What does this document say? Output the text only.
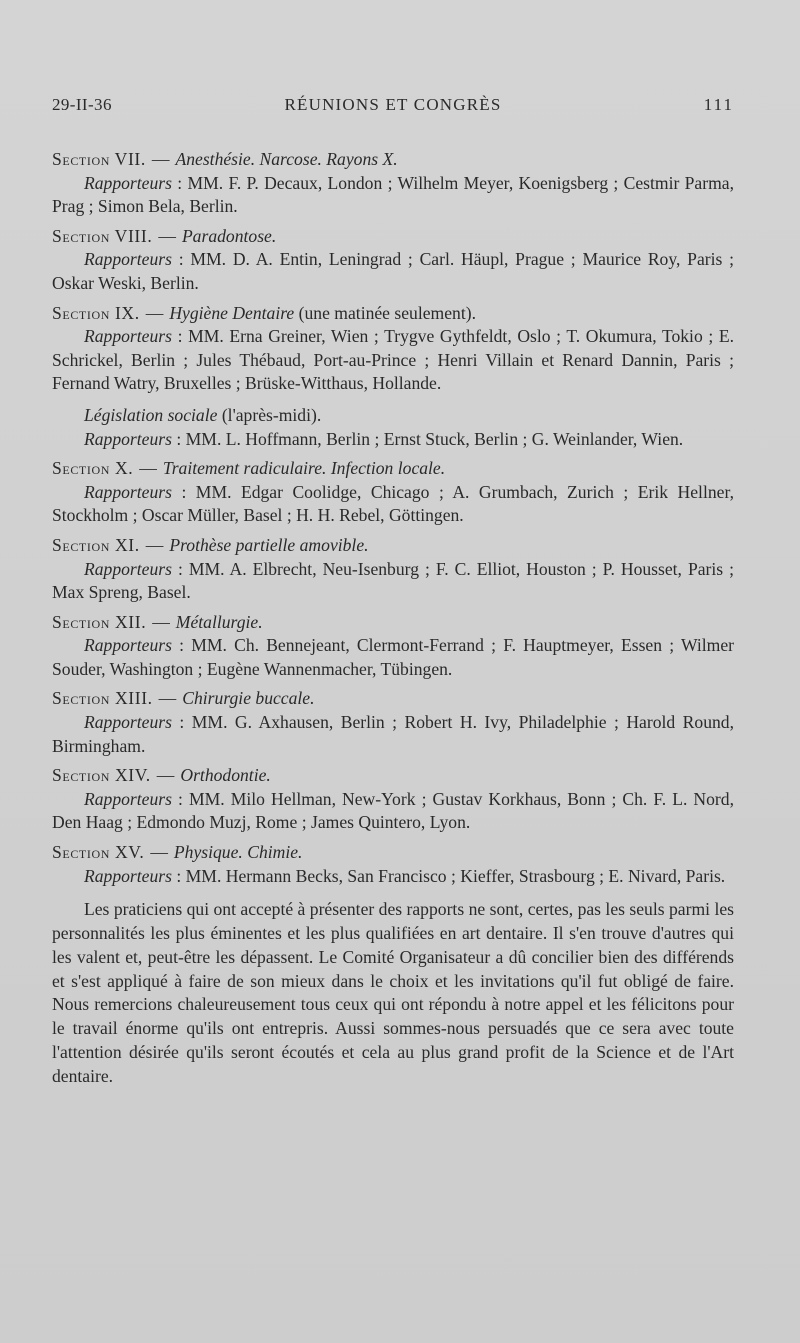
29-II-36	RÉUNIONS ET CONGRÈS	111
Section VII. — Anesthésie. Narcose. Rayons X.
Rapporteurs : MM. F. P. Decaux, London ; Wilhelm Meyer, Koenigsberg ; Cestmir Parma, Prag ; Simon Bela, Berlin.
Section VIII. — Paradontose.
Rapporteurs : MM. D. A. Entin, Leningrad ; Carl. Häupl, Prague ; Maurice Roy, Paris ; Oskar Weski, Berlin.
Section IX. — Hygiène Dentaire (une matinée seulement).
Rapporteurs : MM. Erna Greiner, Wien ; Trygve Gythfeldt, Oslo ; T. Okumura, Tokio ; E. Schrickel, Berlin ; Jules Thébaud, Port-au-Prince ; Henri Villain et Renard Dannin, Paris ; Fernand Watry, Bruxelles ; Brüske-Witthaus, Hollande.
Législation sociale (l'après-midi).
Rapporteurs : MM. L. Hoffmann, Berlin ; Ernst Stuck, Berlin ; G. Weinlander, Wien.
Section X. — Traitement radiculaire. Infection locale.
Rapporteurs : MM. Edgar Coolidge, Chicago ; A. Grumbach, Zurich ; Erik Hellner, Stockholm ; Oscar Müller, Basel ; H. H. Rebel, Göttingen.
Section XI. — Prothèse partielle amovible.
Rapporteurs : MM. A. Elbrecht, Neu-Isenburg ; F. C. Elliot, Houston ; P. Housset, Paris ; Max Spreng, Basel.
Section XII. — Métallurgie.
Rapporteurs : MM. Ch. Bennejeant, Clermont-Ferrand ; F. Hauptmeyer, Essen ; Wilmer Souder, Washington ; Eugène Wannenmacher, Tübingen.
Section XIII. — Chirurgie buccale.
Rapporteurs : MM. G. Axhausen, Berlin ; Robert H. Ivy, Philadelphie ; Harold Round, Birmingham.
Section XIV. — Orthodontie.
Rapporteurs : MM. Milo Hellman, New-York ; Gustav Korkhaus, Bonn ; Ch. F. L. Nord, Den Haag ; Edmondo Muzj, Rome ; James Quintero, Lyon.
Section XV. — Physique. Chimie.
Rapporteurs : MM. Hermann Becks, San Francisco ; Kieffer, Strasbourg ; E. Nivard, Paris.
Les praticiens qui ont accepté à présenter des rapports ne sont, certes, pas les seuls parmi les personnalités les plus éminentes et les plus qualifiées en art dentaire. Il s'en trouve d'autres qui les valent et, peut-être les dépassent. Le Comité Organisateur a dû concilier bien des différends et s'est appliqué à faire de son mieux dans le choix et les invitations qu'il fut obligé de faire. Nous remercions chaleureusement tous ceux qui ont répondu à notre appel et les félicitons pour le travail énorme qu'ils ont entrepris. Aussi sommes-nous persuadés que ce sera avec toute l'attention désirée qu'ils seront écoutés et cela au plus grand profit de la Science et de l'Art dentaire.
